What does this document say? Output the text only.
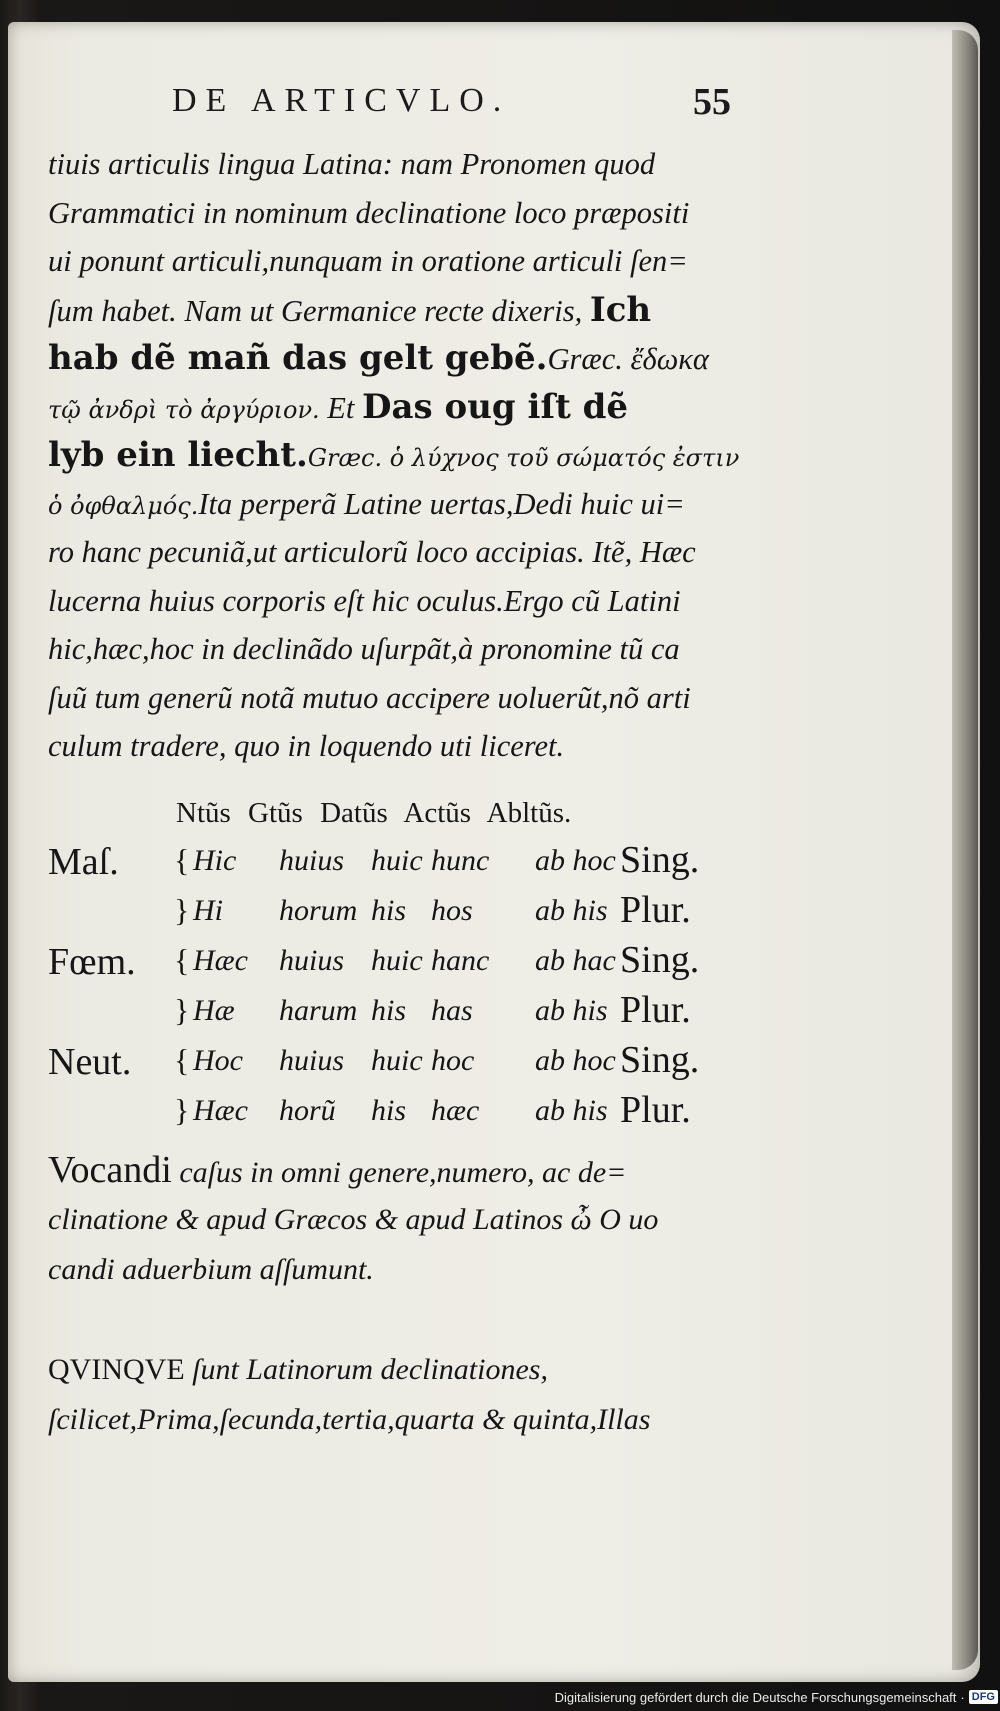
DE ARTICVLO.	55
tiuis articulis lingua Latina: nam Pronomen quod
Grammatici in nominum declinatione loco præpositi
ui ponunt articuli,nunquam in oratione articuli ſen=
ſum habet. Nam ut Germanice recte dixeris, Ich
hab dẽ mañ das gelt gebẽ.Græc. ἔδωκα
τῷ ἀνδρὶ τὸ ἀργύριον. Et Das oug iſt dẽ
lyb ein liecht.Græc. ὁ λύχνος τοῦ σώματός ἐστιν
ὁ ὀφθαλμός.Ita perperã Latine uertas,Dedi huic ui=
ro hanc pecuniã,ut articulorũ loco accipias. Itẽ, Hæc
lucerna huius corporis eſt hic oculus.Ergo cũ Latini
hic,hæc,hoc in declinãdo uſurpãt,à pronomine tũ ca
ſuũ tum generũ notã mutuo accipere uoluerũt,nõ arti
culum tradere, quo in loquendo uti liceret.
Ntũs Gtũs Datũs Actũs Abltũs.
Maſ. { Hic huius huic hunc ab hoc Sing.
} Hi horum his hos ab his Plur.
Fœm. { Hæc huius huic hanc ab hac Sing.
} Hæ harum his has ab his Plur.
Neut. { Hoc huius huic hoc ab hoc Sing.
} Hæc horũ his hæc ab his Plur.
Vocandi caſus in omni genere,numero, ac de=
clinatione & apud Græcos & apud Latinos ὦ O uo
candi aduerbium aſſumunt.
QVINQVE ſunt Latinorum declinationes,
ſcilicet,Prima,ſecunda,tertia,quarta & quinta,Illas
Digitalisierung gefördert durch die Deutsche Forschungsgemeinschaft · DFG
